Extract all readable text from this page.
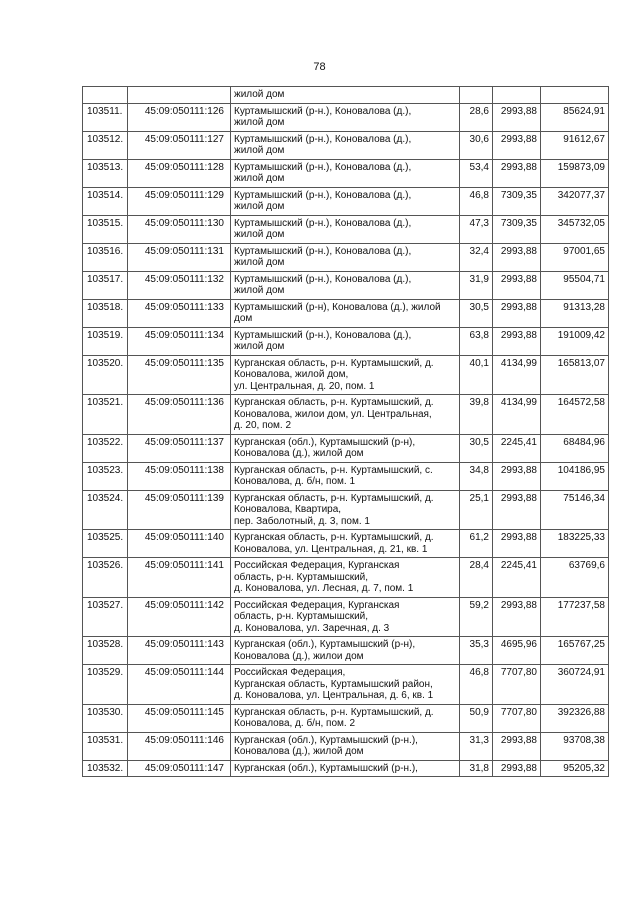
78
		жилой дом			
103511.	45:09:050111:126	Куртамышский (р-н.), Коновалова (д.),
жилой дом	28,6	2993,88	85624,91
103512.	45:09:050111:127	Куртамышский (р-н.), Коновалова (д.),
жилой дом	30,6	2993,88	91612,67
103513.	45:09:050111:128	Куртамышский (р-н.), Коновалова (д.),
жилой дом	53,4	2993,88	159873,09
103514.	45:09:050111:129	Куртамышский (р-н.), Коновалова (д.),
жилой дом	46,8	7309,35	342077,37
103515.	45:09:050111:130	Куртамышский (р-н.), Коновалова (д.),
жилой дом	47,3	7309,35	345732,05
103516.	45:09:050111:131	Куртамышский (р-н.), Коновалова (д.),
жилой дом	32,4	2993,88	97001,65
103517.	45:09:050111:132	Куртамышский (р-н.), Коновалова (д.),
жилой дом	31,9	2993,88	95504,71
103518.	45:09:050111:133	Куртамышский (р-н), Коновалова (д.), жилой
дом	30,5	2993,88	91313,28
103519.	45:09:050111:134	Куртамышский (р-н.), Коновалова (д.),
жилой дом	63,8	2993,88	191009,42
103520.	45:09:050111:135	Курганская область, р-н. Куртамышский, д.
Коновалова, жилой дом,
ул. Центральная, д. 20, пом. 1	40,1	4134,99	165813,07
103521.	45:09:050111:136	Курганская область, р-н. Куртамышский, д.
Коновалова, жилои дом, ул. Центральная,
д. 20, пом. 2	39,8	4134,99	164572,58
103522.	45:09:050111:137	Курганская (обл.), Куртамышский (р-н),
Коновалова (д.), жилой дом	30,5	2245,41	68484,96
103523.	45:09:050111:138	Курганская область, р-н. Куртамышский, с.
Коновалова, д. б/н, пом. 1	34,8	2993,88	104186,95
103524.	45:09:050111:139	Курганская область, р-н. Куртамышский, д.
Коновалова, Квартира,
пер. Заболотный, д. 3, пом. 1	25,1	2993,88	75146,34
103525.	45:09:050111:140	Курганская область, р-н. Куртамышский, д.
Коновалова, ул. Центральная, д. 21, кв. 1	61,2	2993,88	183225,33
103526.	45:09:050111:141	Российская Федерация, Курганская
область, р-н. Куртамышский,
д. Коновалова, ул. Лесная, д. 7, пом. 1	28,4	2245,41	63769,6
103527.	45:09:050111:142	Российская Федерация, Курганская
область, р-н. Куртамышский,
д. Коновалова, ул. Заречная, д. 3	59,2	2993,88	177237,58
103528.	45:09:050111:143	Курганская (обл.), Куртамышский (р-н),
Коновалова (д.), жилои дом	35,3	4695,96	165767,25
103529.	45:09:050111:144	Российская Федерация,
Курганская область, Куртамышский район,
д. Коновалова, ул. Центральная, д. 6, кв. 1	46,8	7707,80	360724,91
103530.	45:09:050111:145	Курганская область, р-н. Куртамышский, д.
Коновалова, д. б/н, пом. 2	50,9	7707,80	392326,88
103531.	45:09:050111:146	Курганская (обл.), Куртамышский (р-н.),
Коновалова (д.), жилой дом	31,3	2993,88	93708,38
103532.	45:09:050111:147	Курганская (обл.), Куртамышский (р-н.),	31,8	2993,88	95205,32
